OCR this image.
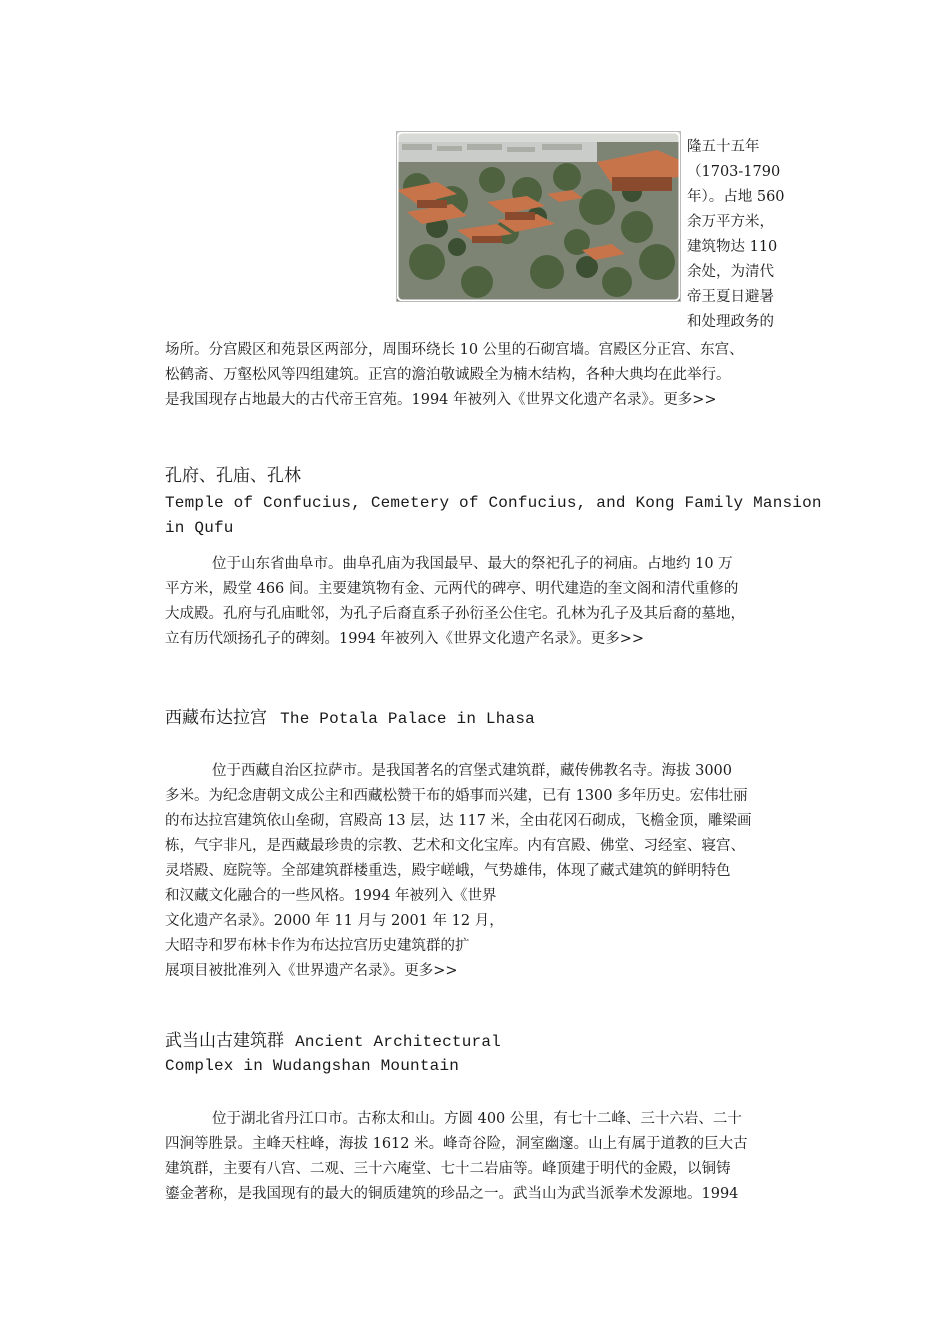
隆五十五年
（1703-1790
年）。占地 560
余万平方米，
建筑物达 110
余处，为清代
帝王夏日避暑
和处理政务的
场所。分宫殿区和苑景区两部分，周围环绕长 10 公里的石砌宫墙。宫殿区分正宫、东宫、
松鹤斋、万壑松风等四组建筑。正宫的澹泊敬诚殿全为楠木结构，各种大典均在此举行。
是我国现存占地最大的古代帝王宫苑。1994 年被列入《世界文化遗产名录》。更多>>
孔府、孔庙、孔林
Temple of Confucius, Cemetery of Confucius, and Kong Family Mansion
in Qufu
位于山东省曲阜市。曲阜孔庙为我国最早、最大的祭祀孔子的祠庙。占地约 10 万
平方米，殿堂 466 间。主要建筑物有金、元两代的碑亭、明代建造的奎文阁和清代重修的
大成殿。孔府与孔庙毗邻，为孔子后裔直系子孙衍圣公住宅。孔林为孔子及其后裔的墓地，
立有历代颂扬孔子的碑刻。1994 年被列入《世界文化遗产名录》。更多>>
西藏布达拉宫 The Potala Palace in Lhasa
位于西藏自治区拉萨市。是我国著名的宫堡式建筑群，藏传佛教名寺。海拔 3000
多米。为纪念唐朝文成公主和西藏松赞干布的婚事而兴建，已有 1300 多年历史。宏伟壮丽
的布达拉宫建筑依山垒砌，宫殿高 13 层，达 117 米，全由花冈石砌成，飞檐金顶，雕梁画
栋，气宇非凡，是西藏最珍贵的宗教、艺术和文化宝库。内有宫殿、佛堂、习经室、寝宫、
灵塔殿、庭院等。全部建筑群楼重迭，殿宇嵯峨，气势雄伟，体现了藏式建筑的鲜明特色
和汉藏文化融合的一些风格。1994 年被列入《世界
文化遗产名录》。2000 年 11 月与 2001 年 12 月，
大昭寺和罗布林卡作为布达拉宫历史建筑群的扩
展项目被批准列入《世界遗产名录》。更多>>
武当山古建筑群 Ancient Architectural
Complex in Wudangshan Mountain
位于湖北省丹江口市。古称太和山。方圆 400 公里，有七十二峰、三十六岩、二十
四涧等胜景。主峰天柱峰，海拔 1612 米。峰奇谷险，洞室幽邃。山上有属于道教的巨大古
建筑群，主要有八宫、二观、三十六庵堂、七十二岩庙等。峰顶建于明代的金殿，以铜铸
鎏金著称，是我国现有的最大的铜质建筑的珍品之一。武当山为武当派拳术发源地。1994
